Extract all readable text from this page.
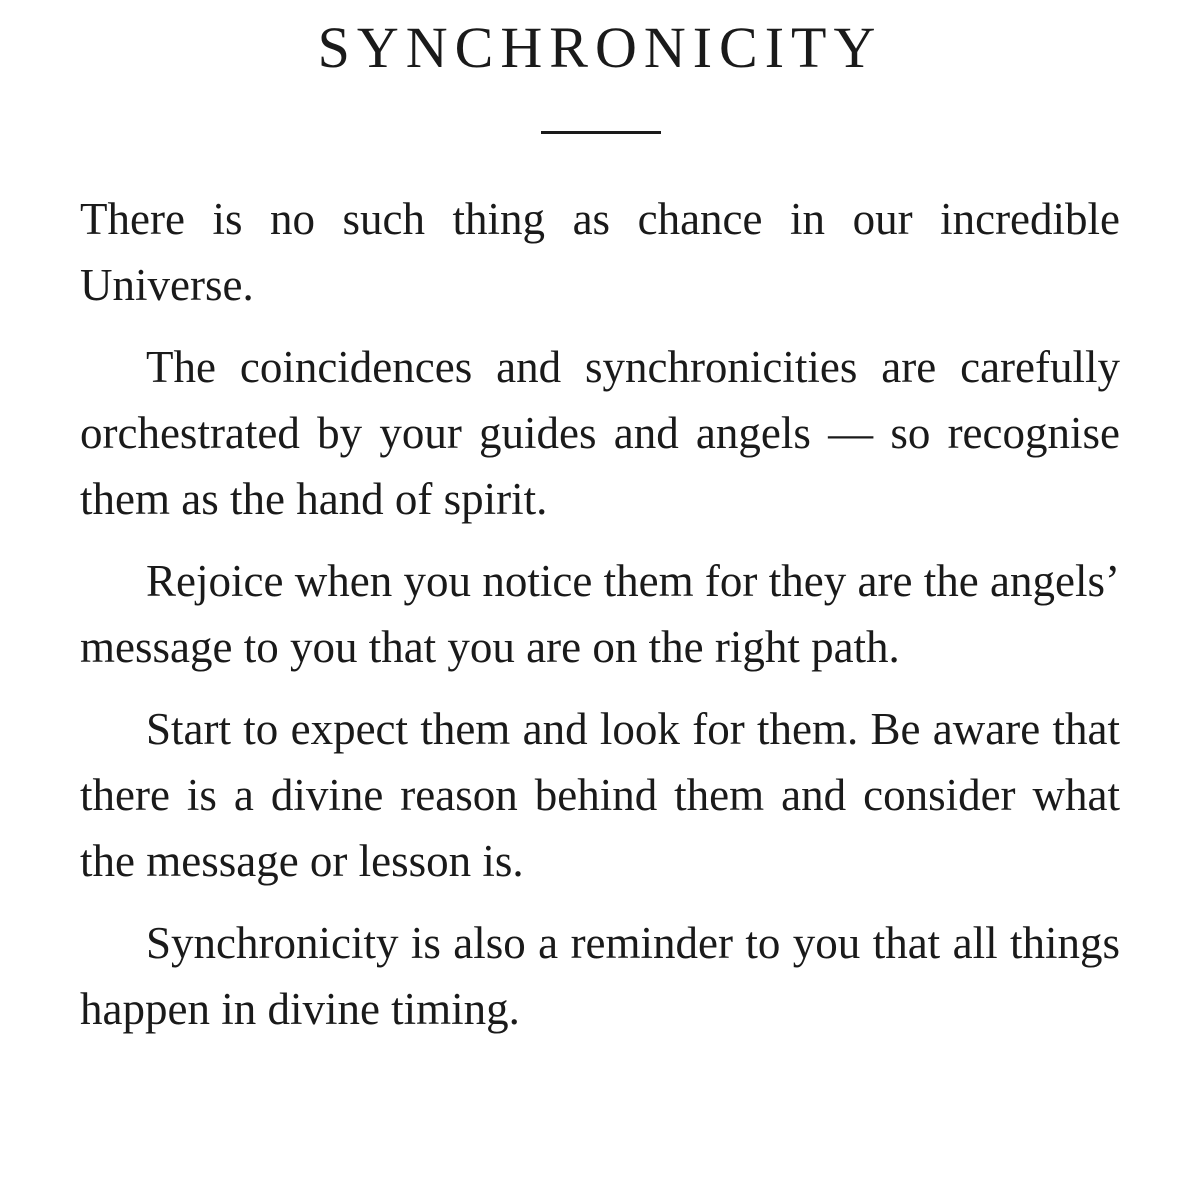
SYNCHRONICITY

There is no such thing as chance in our incredible Universe.

The coincidences and synchronicities are carefully orchestrated by your guides and angels — so recognise them as the hand of spirit.

Rejoice when you notice them for they are the angels’ message to you that you are on the right path.

Start to expect them and look for them. Be aware that there is a divine reason behind them and consider what the message or lesson is.

Synchronicity is also a reminder to you that all things happen in divine timing.
